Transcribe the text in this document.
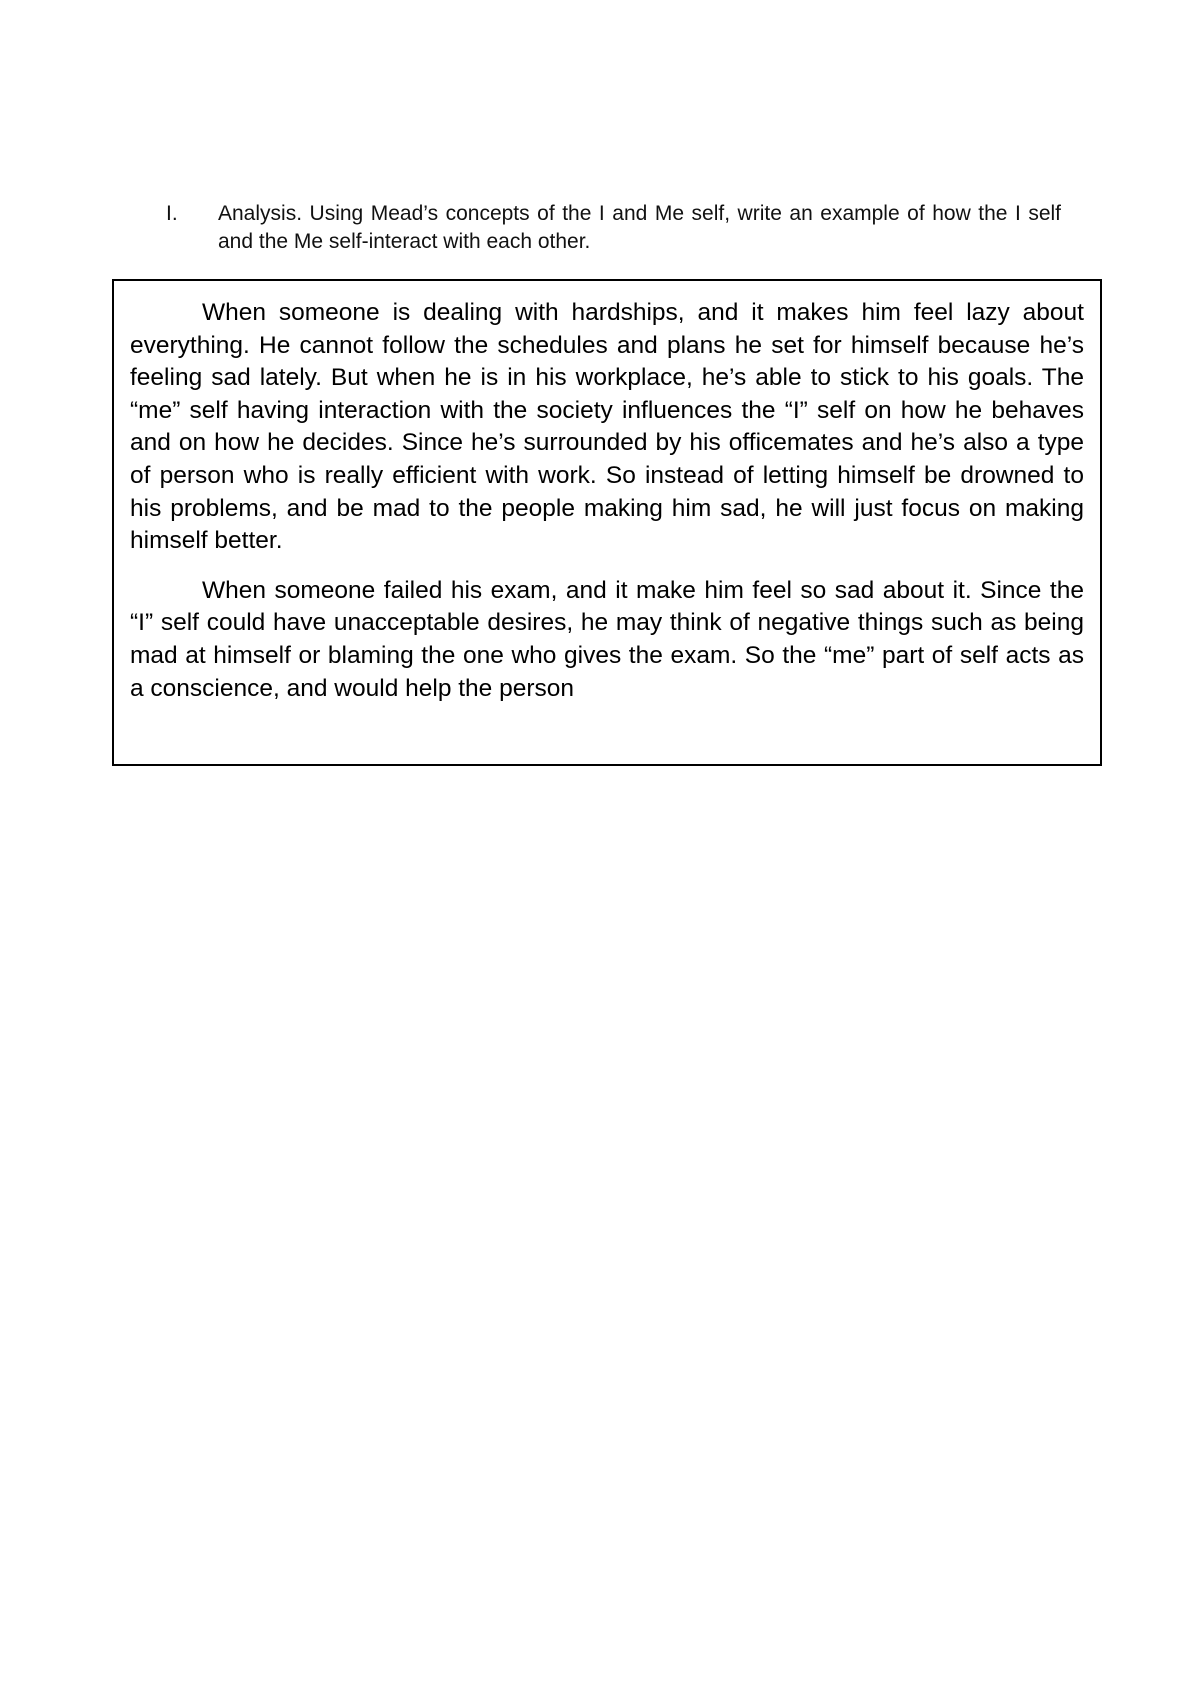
I.	Analysis. Using Mead’s concepts of the I and Me self, write an example of how the I self and the Me self-interact with each other.

When someone is dealing with hardships, and it makes him feel lazy about everything. He cannot follow the schedules and plans he set for himself because he’s feeling sad lately. But when he is in his workplace, he’s able to stick to his goals. The “me” self having interaction with the society influences the “I” self on how he behaves and on how he decides. Since he’s surrounded by his officemates and he’s also a type of person who is really efficient with work. So instead of letting himself be drowned to his problems, and be mad to the people making him sad, he will just focus on making himself better.

When someone failed his exam, and it make him feel so sad about it. Since the “I” self could have unacceptable desires, he may think of negative things such as being mad at himself or blaming the one who gives the exam. So the “me” part of self acts as a conscience, and would help the person
